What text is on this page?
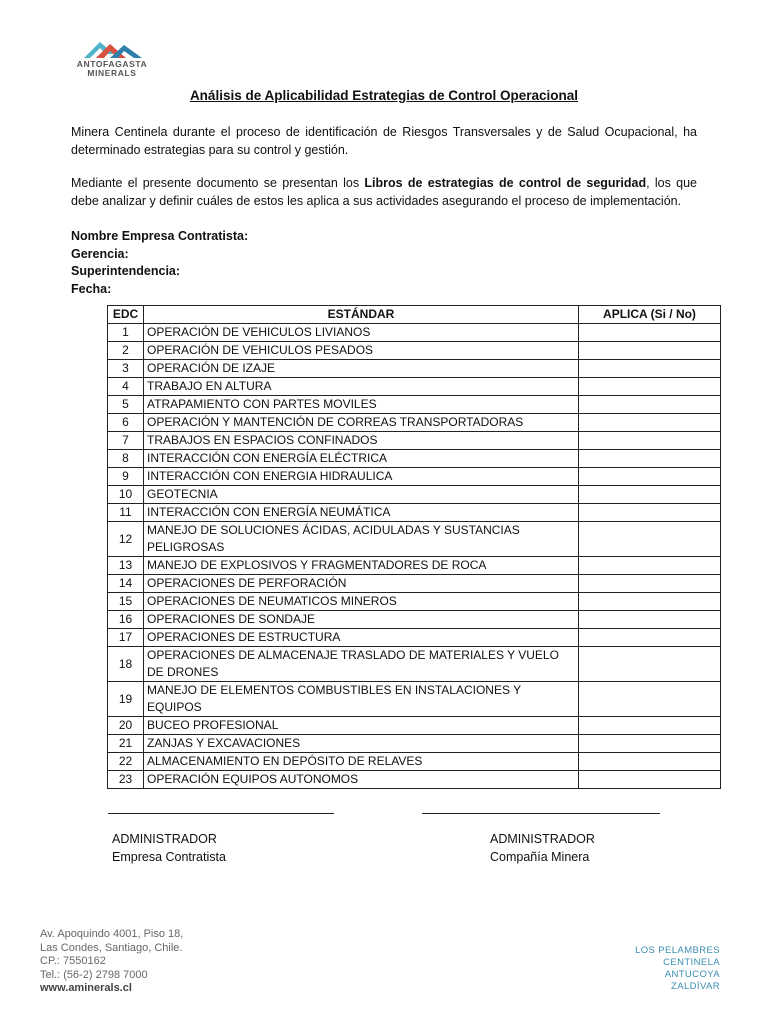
ANTOFAGASTA
MINERALS
Análisis de Aplicabilidad Estrategias de Control Operacional
Minera Centinela durante el proceso de identificación de Riesgos Transversales y de Salud Ocupacional, ha determinado estrategias para su control y gestión.
Mediante el presente documento se presentan los Libros de estrategias de control de seguridad, los que debe analizar y definir cuáles de estos les aplica a sus actividades asegurando el proceso de implementación.
Nombre Empresa Contratista:
Gerencia:
Superintendencia:
Fecha:
EDC	ESTÁNDAR	APLICA (Si / No)
1	OPERACIÓN DE VEHICULOS LIVIANOS	
2	OPERACIÓN DE VEHICULOS PESADOS	
3	OPERACIÓN DE IZAJE	
4	TRABAJO EN ALTURA	
5	ATRAPAMIENTO CON PARTES MOVILES	
6	OPERACIÓN Y MANTENCIÓN DE CORREAS TRANSPORTADORAS	
7	TRABAJOS EN ESPACIOS CONFINADOS	
8	INTERACCIÓN CON ENERGÍA ELÉCTRICA	
9	INTERACCIÓN CON ENERGIA HIDRAULICA	
10	GEOTECNIA	
11	INTERACCIÓN CON ENERGÍA NEUMÁTICA	
12	MANEJO DE SOLUCIONES ÁCIDAS, ACIDULADAS Y SUSTANCIAS PELIGROSAS	
13	MANEJO DE EXPLOSIVOS Y FRAGMENTADORES DE ROCA	
14	OPERACIONES DE PERFORACIÓN	
15	OPERACIONES DE NEUMATICOS MINEROS	
16	OPERACIONES DE SONDAJE	
17	OPERACIONES DE ESTRUCTURA	
18	OPERACIONES DE ALMACENAJE TRASLADO DE MATERIALES Y VUELO DE DRONES	
19	MANEJO DE ELEMENTOS COMBUSTIBLES EN INSTALACIONES Y EQUIPOS	
20	BUCEO PROFESIONAL	
21	ZANJAS Y EXCAVACIONES	
22	ALMACENAMIENTO EN DEPÓSITO DE RELAVES	
23	OPERACIÓN EQUIPOS AUTONOMOS	
ADMINISTRADOR
Empresa Contratista
ADMINISTRADOR
Compañía Minera
Av. Apoquindo 4001, Piso 18,
Las Condes, Santiago, Chile.
CP.: 7550162
Tel.: (56-2) 2798 7000
www.aminerals.cl
LOS PELAMBRES
CENTINELA
ANTUCOYA
ZALDÍVAR
